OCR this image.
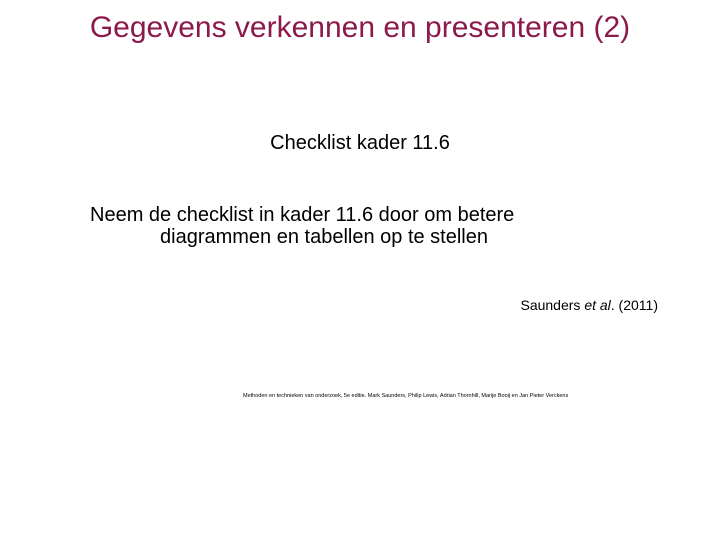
Gegevens verkennen en presenteren (2)
Checklist kader 11.6
Neem de checklist in kader 11.6 door om betere
diagrammen en tabellen op te stellen
Saunders et al. (2011)
Methoden en technieken van onderzoek, 5e editie. Mark Saunders, Philip Lewis, Adrian Thornhill, Marije Booij en Jan Pieter Verckens
